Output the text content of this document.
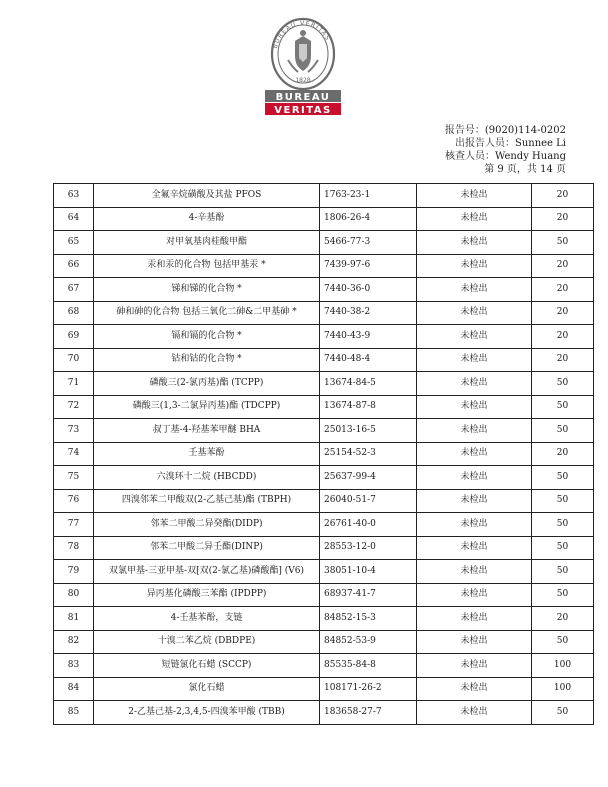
BUREAU VERITAS
1828
BUREAU
VERITAS
报告号：(9020)114-0202
出报告人员：Sunnee Li
核查人员：Wendy Huang
第 9 页，共 14 页
63	全氟辛烷磺酸及其盐 PFOS	1763-23-1	未检出	20
64	4-辛基酚	1806-26-4	未检出	20
65	对甲氧基肉桂酸甲酯	5466-77-3	未检出	50
66	汞和汞的化合物 包括甲基汞 *	7439-97-6	未检出	20
67	锑和锑的化合物 *	7440-36-0	未检出	20
68	砷和砷的化合物 包括三氧化二砷&二甲基砷 *	7440-38-2	未检出	20
69	镉和镉的化合物 *	7440-43-9	未检出	20
70	钴和钴的化合物 *	7440-48-4	未检出	20
71	磷酸三(2-氯丙基)酯 (TCPP)	13674-84-5	未检出	50
72	磷酸三(1,3-二氯异丙基)酯 (TDCPP)	13674-87-8	未检出	50
73	叔丁基-4-羟基苯甲醚 BHA	25013-16-5	未检出	50
74	壬基苯酚	25154-52-3	未检出	20
75	六溴环十二烷 (HBCDD)	25637-99-4	未检出	50
76	四溴邻苯二甲酸双(2-乙基己基)酯 (TBPH)	26040-51-7	未检出	50
77	邻苯二甲酸二异癸酯(DIDP)	26761-40-0	未检出	50
78	邻苯二甲酸二异壬酯(DINP)	28553-12-0	未检出	50
79	双氯甲基-三亚甲基-双[双(2-氯乙基)磷酸酯] (V6)	38051-10-4	未检出	50
80	异丙基化磷酸三苯酯 (IPDPP)	68937-41-7	未检出	50
81	4-壬基苯酚，支链	84852-15-3	未检出	20
82	十溴二苯乙烷 (DBDPE)	84852-53-9	未检出	50
83	短链氯化石蜡 (SCCP)	85535-84-8	未检出	100
84	氯化石蜡	108171-26-2	未检出	100
85	2-乙基己基-2,3,4,5-四溴苯甲酸 (TBB)	183658-27-7	未检出	50
